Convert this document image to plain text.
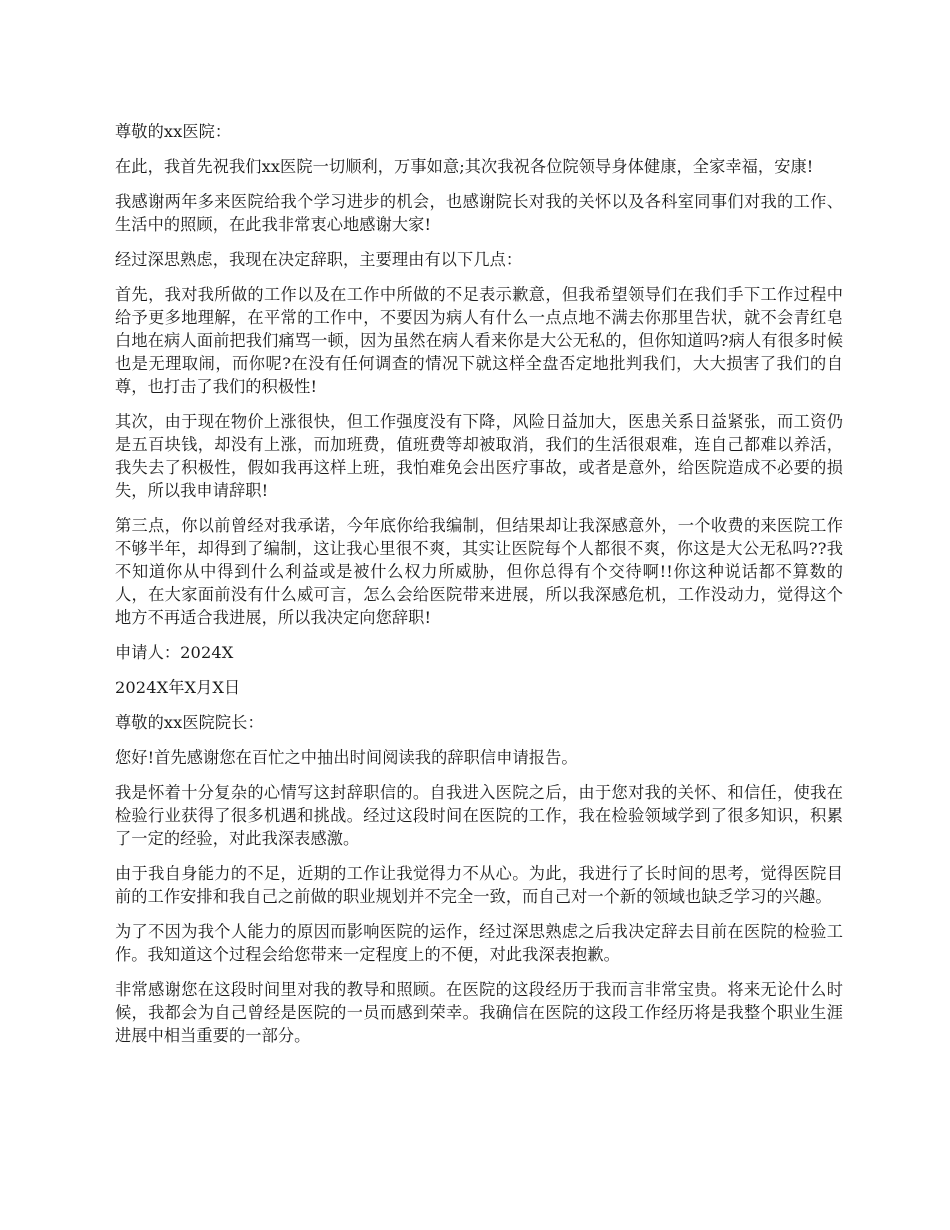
尊敬的xx医院：

在此，我首先祝我们xx医院一切顺利，万事如意;其次我祝各位院领导身体健康，全家幸福，安康!

我感谢两年多来医院给我个学习进步的机会，也感谢院长对我的关怀以及各科室同事们对我的工作、生活中的照顾，在此我非常衷心地感谢大家!

经过深思熟虑，我现在决定辞职，主要理由有以下几点：

首先，我对我所做的工作以及在工作中所做的不足表示歉意，但我希望领导们在我们手下工作过程中给予更多地理解，在平常的工作中，不要因为病人有什么一点点地不满去你那里告状，就不会青红皂白地在病人面前把我们痛骂一顿，因为虽然在病人看来你是大公无私的，但你知道吗?病人有很多时候也是无理取闹，而你呢?在没有任何调查的情况下就这样全盘否定地批判我们，大大损害了我们的自尊，也打击了我们的积极性!

其次，由于现在物价上涨很快，但工作强度没有下降，风险日益加大，医患关系日益紧张，而工资仍是五百块钱，却没有上涨，而加班费，值班费等却被取消，我们的生活很艰难，连自己都难以养活，我失去了积极性，假如我再这样上班，我怕难免会出医疗事故，或者是意外，给医院造成不必要的损失，所以我申请辞职!

第三点，你以前曾经对我承诺，今年底你给我编制，但结果却让我深感意外，一个收费的来医院工作不够半年，却得到了编制，这让我心里很不爽，其实让医院每个人都很不爽，你这是大公无私吗??我不知道你从中得到什么利益或是被什么权力所威胁，但你总得有个交待啊!!你这种说话都不算数的人，在大家面前没有什么威可言，怎么会给医院带来进展，所以我深感危机，工作没动力，觉得这个地方不再适合我进展，所以我决定向您辞职!

申请人：2024X

2024X年X月X日

尊敬的xx医院院长：

您好!首先感谢您在百忙之中抽出时间阅读我的辞职信申请报告。

我是怀着十分复杂的心情写这封辞职信的。自我进入医院之后，由于您对我的关怀、和信任，使我在检验行业获得了很多机遇和挑战。经过这段时间在医院的工作，我在检验领域学到了很多知识，积累了一定的经验，对此我深表感激。

由于我自身能力的不足，近期的工作让我觉得力不从心。为此，我进行了长时间的思考，觉得医院目前的工作安排和我自己之前做的职业规划并不完全一致，而自己对一个新的领域也缺乏学习的兴趣。

为了不因为我个人能力的原因而影响医院的运作，经过深思熟虑之后我决定辞去目前在医院的检验工作。我知道这个过程会给您带来一定程度上的不便，对此我深表抱歉。

非常感谢您在这段时间里对我的教导和照顾。在医院的这段经历于我而言非常宝贵。将来无论什么时候，我都会为自己曾经是医院的一员而感到荣幸。我确信在医院的这段工作经历将是我整个职业生涯进展中相当重要的一部分。
